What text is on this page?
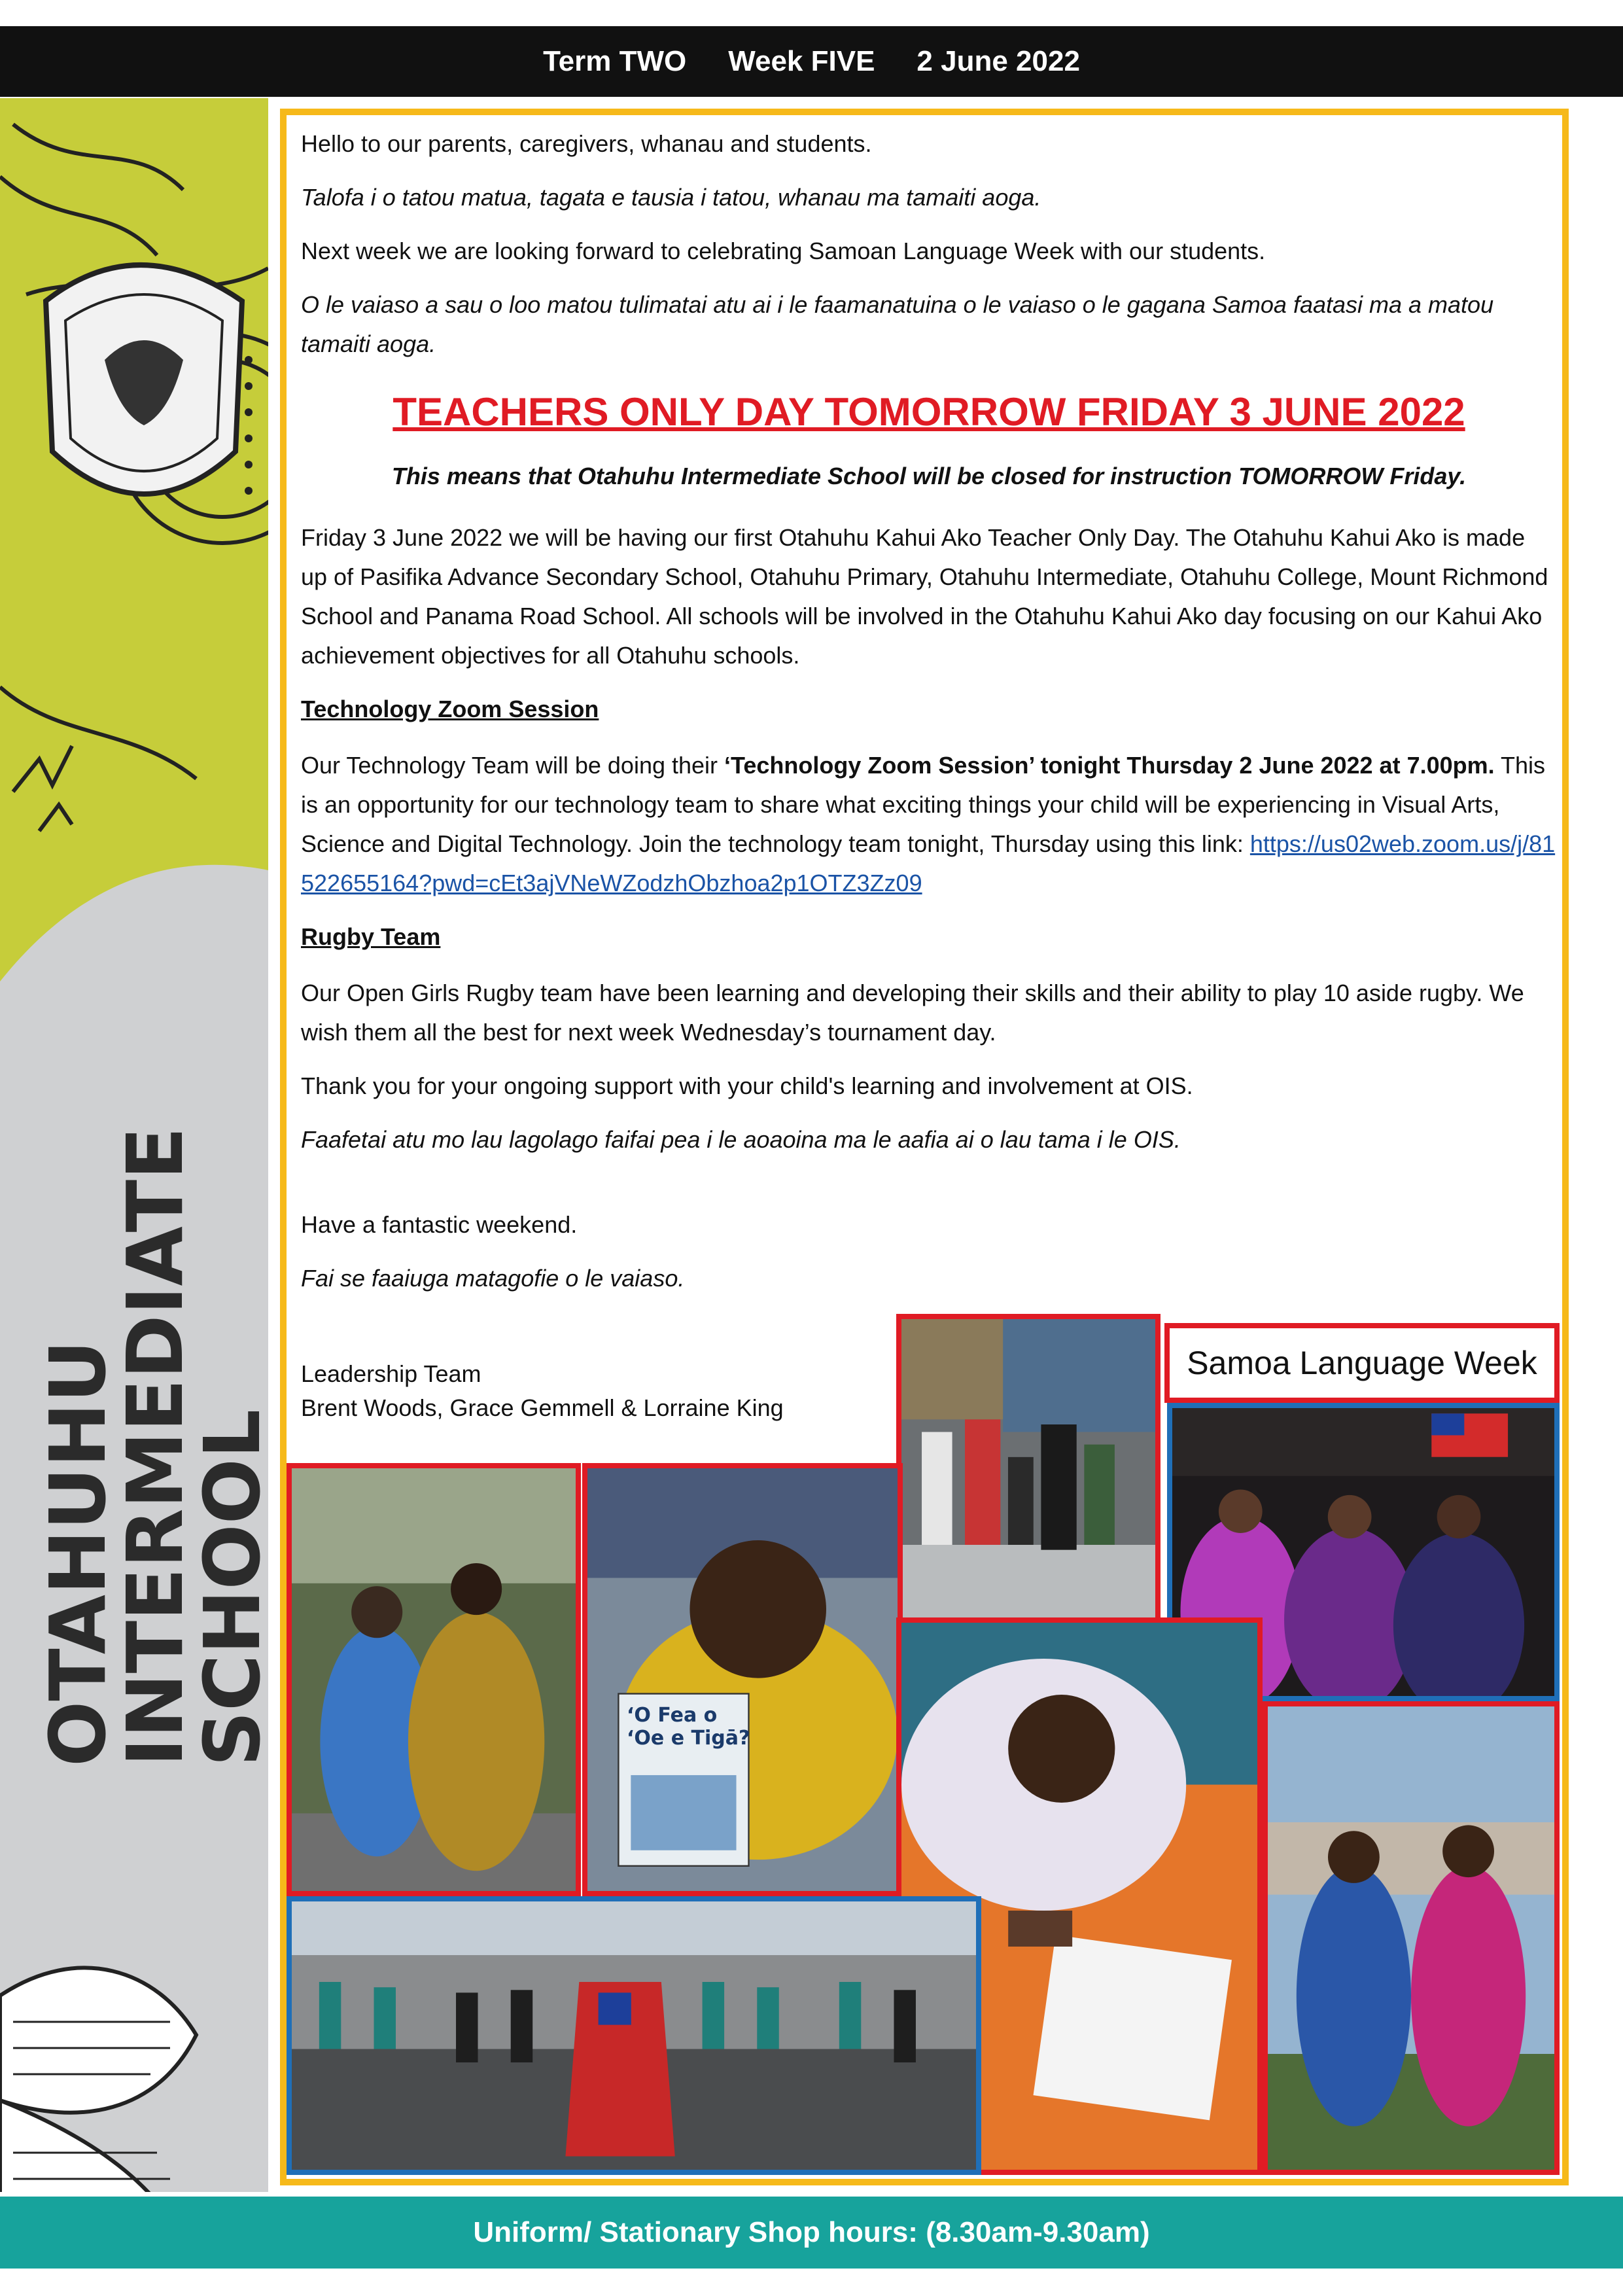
Term TWO Week FIVE 2 June 2022
OTAHUHU
INTERMEDIATE
SCHOOL

Hello to our parents, caregivers, whanau and students.

Talofa i o tatou matua, tagata e tausia i tatou, whanau ma tamaiti aoga.

Next week we are looking forward to celebrating Samoan Language Week with our students.

O le vaiaso a sau o loo matou tulimatai atu ai i le faamanatuina o le vaiaso o le gagana Samoa faatasi ma a matou tamaiti aoga.

TEACHERS ONLY DAY TOMORROW FRIDAY 3 JUNE 2022
This means that Otahuhu Intermediate School will be closed for instruction TOMORROW Friday.

Friday 3 June 2022 we will be having our first Otahuhu Kahui Ako Teacher Only Day. The Otahuhu Kahui Ako is made up of Pasifika Advance Secondary School, Otahuhu Primary, Otahuhu Intermediate, Otahuhu College, Mount Richmond School and Panama Road School. All schools will be involved in the Otahuhu Kahui Ako day focusing on our Kahui Ako achievement objectives for all Otahuhu schools.

Technology Zoom Session

Our Technology Team will be doing their ‘Technology Zoom Session’ tonight Thursday 2 June 2022 at 7.00pm. This is an opportunity for our technology team to share what exciting things your child will be experiencing in Visual Arts, Science and Digital Technology. Join the technology team tonight, Thursday using this link: https://us02web.zoom.us/j/81522655164?pwd=cEt3ajVNeWZodzhObzhoa2p1OTZ3Zz09

Rugby Team

Our Open Girls Rugby team have been learning and developing their skills and their ability to play 10 aside rugby. We wish them all the best for next week Wednesday’s tournament day.

Thank you for your ongoing support with your child's learning and involvement at OIS.

Faafetai atu mo lau lagolago faifai pea i le aoaoina ma le aafia ai o lau tama i le OIS.

Have a fantastic weekend.

Fai se faaiuga matagofie o le vaiaso.

Leadership Team
Brent Woods, Grace Gemmell & Lorraine King
Samoa Language Week
‘O Fea o ‘Oe e Tigā?
Uniform/ Stationary Shop hours: (8.30am-9.30am)
